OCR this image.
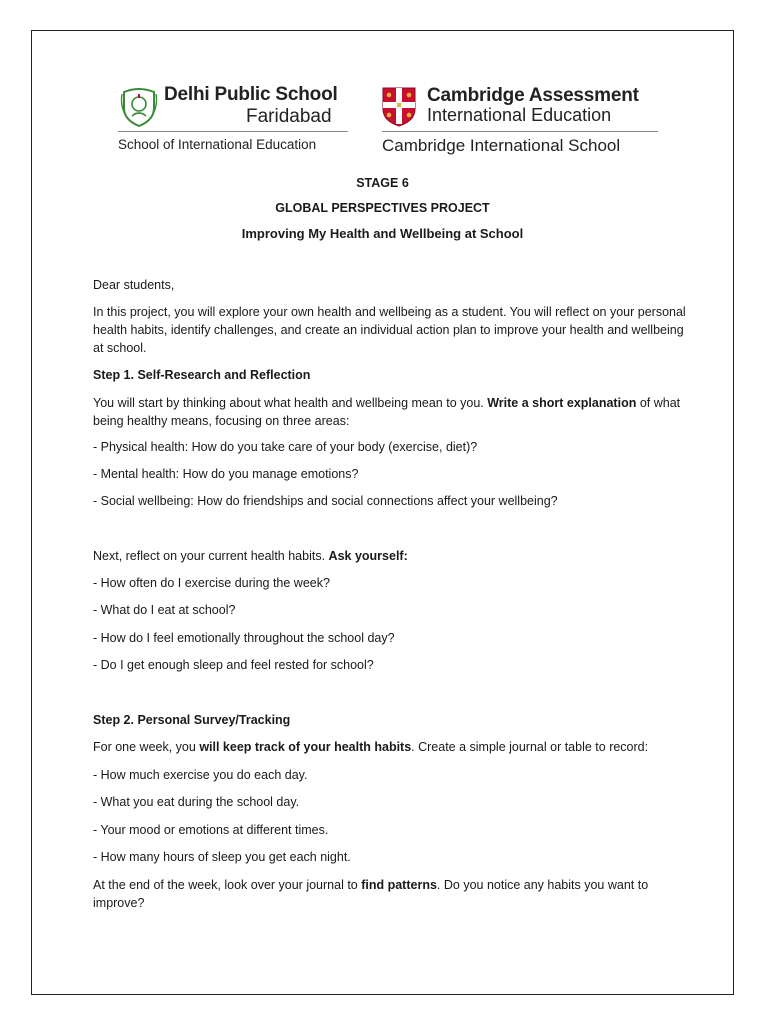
Delhi Public School
Faridabad
School of International Education
Cambridge Assessment
International Education
Cambridge International School
STAGE 6
GLOBAL PERSPECTIVES PROJECT
Improving My Health and Wellbeing at School
Dear students,
In this project, you will explore your own health and wellbeing as a student. You will reflect on your personal health habits, identify challenges, and create an individual action plan to improve your health and wellbeing at school.
Step 1. Self-Research and Reflection
You will start by thinking about what health and wellbeing mean to you. Write a short explanation of what being healthy means, focusing on three areas:
- Physical health: How do you take care of your body (exercise, diet)?
- Mental health: How do you manage emotions?
- Social wellbeing: How do friendships and social connections affect your wellbeing?
Next, reflect on your current health habits. Ask yourself:
- How often do I exercise during the week?
- What do I eat at school?
- How do I feel emotionally throughout the school day?
- Do I get enough sleep and feel rested for school?
Step 2. Personal Survey/Tracking
For one week, you will keep track of your health habits. Create a simple journal or table to record:
- How much exercise you do each day.
- What you eat during the school day.
- Your mood or emotions at different times.
- How many hours of sleep you get each night.
At the end of the week, look over your journal to find patterns. Do you notice any habits you want to improve?
